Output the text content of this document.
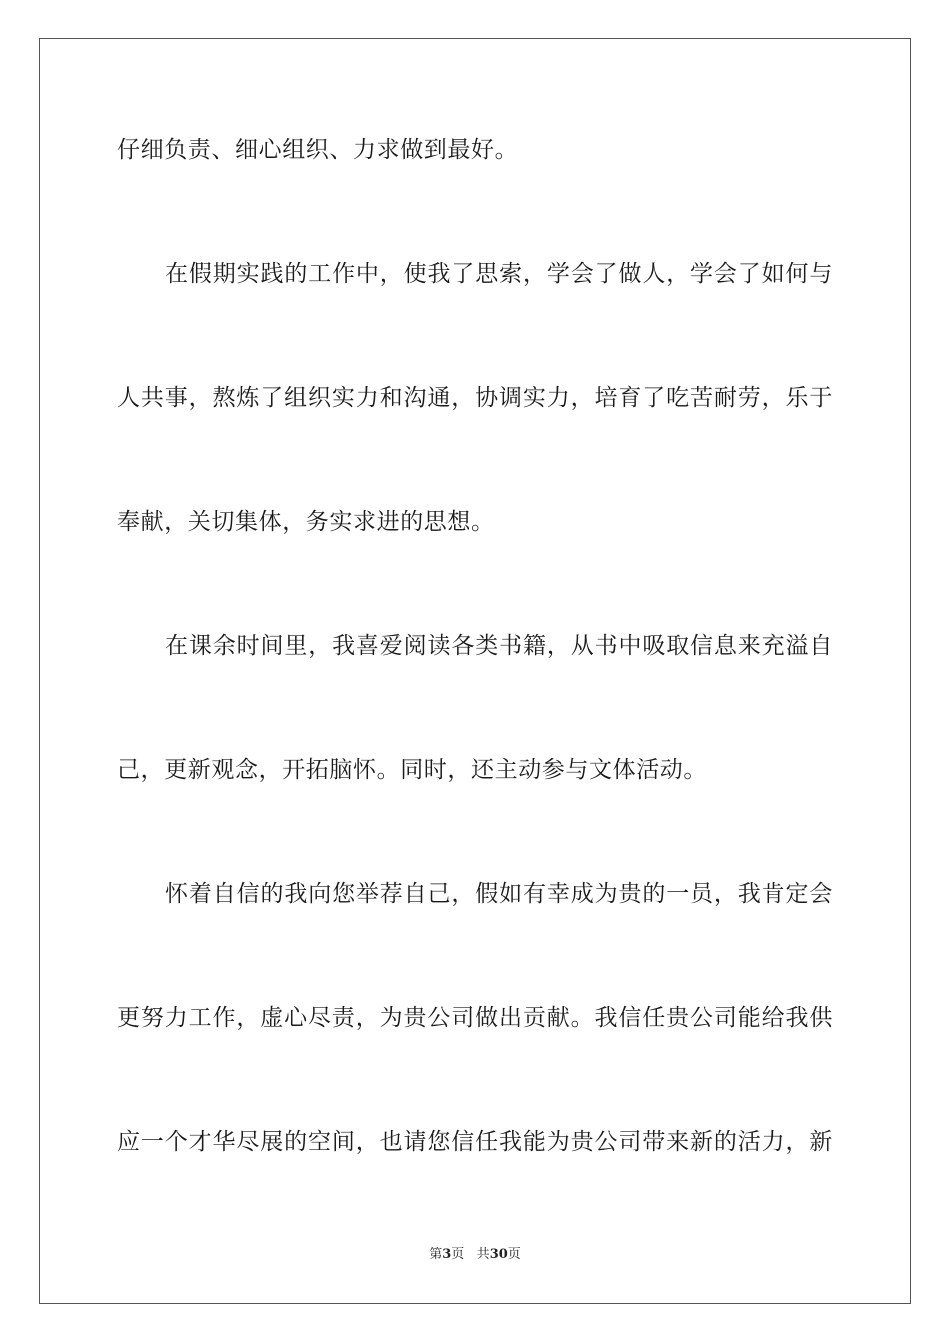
仔细负责、细心组织、力求做到最好。
在假期实践的工作中，使我了思索，学会了做人，学会了如何与
人共事，熬炼了组织实力和沟通，协调实力，培育了吃苦耐劳，乐于
奉献，关切集体，务实求进的思想。
在课余时间里，我喜爱阅读各类书籍，从书中吸取信息来充溢自
己，更新观念，开拓脑怀。同时，还主动参与文体活动。
怀着自信的我向您举荐自己，假如有幸成为贵的一员，我肯定会
更努力工作，虚心尽责，为贵公司做出贡献。我信任贵公司能给我供
应一个才华尽展的空间，也请您信任我能为贵公司带来新的活力，新
第3页 共30页
